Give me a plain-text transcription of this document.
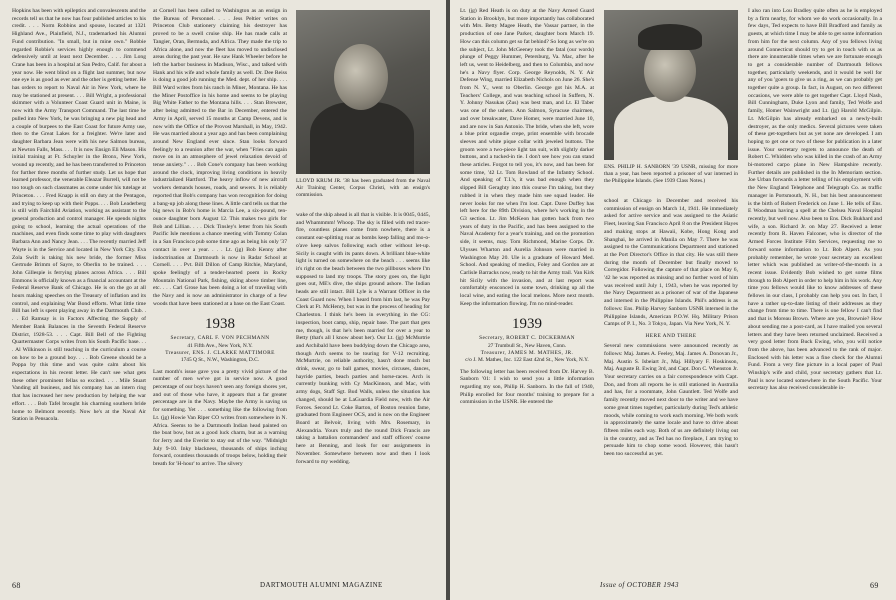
Hopkins has been with epileptics and convalescents and the records tell us that he now has four published articles to his credit. . . . Norm Robbins and spouse, located at 1321 Highland Ave., Plainfield, N.J., trademarked his Alumni Fund contribution. "In small, but in mine own." Robbie regarded Robbie's services highly enough to commend defensively until at least next December. . . . Jim Long Crane has been in a hospital at San Pedro, Calif. for about a year now. He went blind on a flight last summer, but now one eye is as good as ever and the other is getting better. He has orders to report to Naval Air in New York, where he may be stationed at present. . . . Bill Wright, a professional skimmer with a Volunteer Coast Guard unit in Maine, is now with the Army Transport Command. The last time he pulled into New York, he was bringing a new pig head and a couple of burpees to the East Coast for future Army use, then to the Great Lakes for a freighter. We're later and daughter Barbara Jean were with his new Salmon bureau, at Newton Falls, Mass. . . . It is now Ensign Eli Mason. His initial training at Ft. Schuyler in the Bronx, New York, wound up recently, and he has been transferred to Princeton for further three months of further study. Let us hope that learned professor, the venerable Eleazar Burrell, will not be too tough on such classmates as come under his tutelage at Princeton. . . . Fred Knapp is still on duty at the Pentagon, and trying to keep up with their Popps. . . . Bob Leaderberg is still with Fairchild Aviation, working as assistant to the general production and control manager. He spends nights going to school, learning the actual operations of the machines, and even finds some time to play with daughters Barbara Ann and Nancy Jean. . . . The recently married Jeff Wayte is in the Service and located in New York City. Eva Zola Swift is taking his new bride, the former Miss Gertrude Brimm of Sayre, to Oberlin to be trained. . . . John Gillespie is ferrying planes across Africa. . . . Bill Emmons is officially known as a financial accountant at the Federal Reserve Bank of Chicago. He is on the go at all hours making speeches on the Treasury of inflation and its control, and explaining War Bond efforts. What little time Bill has left is spent playing away in the Dartmouth Club. . . . Ed Ramsay is in Factors Affecting the Supply of Member Bank Balances in the Seventh Federal Reserve District, 1928-53. . . . Capt. Bill Bell of the Fighting Quartermaster Corps writes from his South Pacific base. . . . Al Wilkinson is still teaching in the curriculum a course on how to be a ground boy. . . . Bob Greene should be a Poppa by this time and was quite calm about his expectations in his recent letter. He can't see what gets these other prominent fellas so excited. . . . Mile Stuart Vanding all business, and his company has an intern ring that has increased her new production by helping the war effort. . . . Bob Tafel brought his charming southern bride home to Belmont recently. Now he's at the Naval Air Station in Pensacola.

at Cornell has been called to Washington as an ensign in the Bureau of Personnel. . . . Jess Peltier writes on Princeton Club stationery claiming his destroyer has proved to be a swell cruise ship. He has made calls at Tangier, Oran, Bermuda, and Africa. They made the trip to Africa alone, and now the fleet has moved to undisclosed areas during the past year. He saw Hank Wheeler before he left the harbor business in Madison, Wisc., and talked with Hank and his wife and whole family as well. Dr. Dee Reiss is doing a good job running the Med. dept. of her ship. . . . Bill Ward writes from his ranch in Miner, Montana. He has the Miner Postoffice in his home and seems to be playing Big White Father to the Montana hills. . . . Stan Brewster, after being admitted to the Bar in December, entered the Army in April, served 15 months at Camp Devens, and is now with the Office of the Provost Marshall, in May, 1942. He was married about a year ago and has been complaining around New England ever since. Stan looks forward feelingly to a reunion after the war, when "Fries can again move on in an atmosphere of jewel relaxation devoid of tense anxiety." . . . Bob Cone's company has been working around the clock, improving living conditions in heavily industrialized Hartford. The heavy inflow of new aircraft workers demands houses, roads, and sewers. It is reliably reported that Bob's company has won recognition for doing a bang-up job along these lines. A little card tells us that the big news in Bob's home is Marcia Lee, a six-pound, ten-ounce daughter born August 12. This makes two girls for Bob and Lillian. . . . Dick Tinsley's letter from his South Pacific Isle mentions a chance meeting with Tommy Colan in a San Francisco pub some time ago as being his only '37 contact in over a year. . . . Lt. (jg) Bob Kenny after indoctrination at Dartmouth is now in Radar School at Cornell. . . . Pvt. Bill Dillon of Camp Ritchie, Maryland, spoke feelingly of a tender-hearted poem in Rocky Mountain National Park, fishing, skiing above timber line, etc. . . . Carl Grose has been doing a lot of traveling with the Navy and is now an administrator in charge of a few woods that have been stationed at a base on the East Coast.

1938
Secretary, CARL F. VON PECHMANN
41 Fifth Ave., New York, N.Y.
Treasurer, ENS. J. CLARKE MATTIMORE
1745 Q St., N.W., Washington, D.C.

Last month's issue gave you a pretty vivid picture of the number of men we've got in service now. A good percentage of our boys haven't seen any foreign shores yet, and out of those who have, it appears that a far greater percentage are in the Navy. Maybe the Army is saving us for something. Yet . . . something like the following from Lt. (jg) Howie Van Riper CO writes from somewhere in N. Africa. Seems to be a Dartmouth Indian head painted on the boat bow, but as a good luck charm, but as a warning for Jerry and the Everist to stay out of the way. "Midnight July 9-10. Inky blackness, thousands of ships inching forward, countless thousands of troops below, holding their breath for 'H-hour' to arrive. The silvery

LLOYD KRUM JR. '38 has been graduated from the Naval Air Training Center, Corpus Christi, with an ensign's commission.

wake of the ship ahead is all that is visible. It is 0045, 0445, and Whammmm! Whoop. The sky is filled with red tracer-fire, countless planes come from nowhere, there is a constant ear-splitting roar as bombs keep falling and mo-o-o'ave keep salvos following each other without let-up. Sicily is caught with its pants down. A brilliant blue-white light is turned on somewhere on the beach . . . seems like it's right on the beach between the two pillboxes where I'm supposed to land my troops. The story goes on, the light goes out, ME's dive, the ships ground ashore. The Indian heads are still intact. Bill Lyle is a Warrant Officer in the Coast Guard now. When I heard from him last, he was Pay Clerk at Ft. McHenry, but was in the process of heading for Charleston. I think he's been in everything in the CG: inspection, boot camp, ship, repair base. The part that gets me, though, is that he's been married for over a year to Betty (that's all I know about her). Our Lt. (jg) McMurtrie and Archibald have been buddying down the Chicago area, though Arch seems to be touring for V-12 recruiting. McMurtrie, on reliable authority, hasn't done much but drink, swear, go to ball games, movies, circuses, dances, hayride parties, beach parties and horse-races. Arch is currently bunking with Cy MacKinnon, and Mac, with army dogs, Staff Sgt. Bud Walls, unless the situation has changed, should be at LaGuardia Field now, with the Air Forces. Second Lt. Coke Barton, of Boston reunion fame, graduated from Engineer OCS, and is now on the Engineer Board at Belvoir, living with Mrs. Rosemary, in Alexandria. Yours truly and the round Dick Francis are taking a battalion commanders' and staff officers' course here at Benning, and look for our assignments in November. Somewhere between now and then I look forward to my wedding.

68	DARTMOUTH ALUMNI MAGAZINE

Lt. (jg) Red Heath is on duty at the Navy Armed Guard Station in Brooklyn, but more importantly has collaborated with Mrs. Betty Magee Heath, the Vassar partner, in the production of one Jane Parker, daughter born March 19. How can this column get so fat behind? So long as we're on the subject, Lt. John McGeeney took the fatal (our words) plunge of Peggy Hummer, Petersburg, Va. Mac, after he left us, went to Heidelberg, and then to Columbia, and now he's a Navy flyer. Corp. George Reynolds, N. Y. Air Defense Wing, married Elizabeth Nichols on June 26. She's from N. Y., went to Oberlin. George got his M.A. at Teachers' College, and was teaching school in Suffern, N. Y. Johnny Nasukas (Zus) was best man, and Lt. El Taber was one of the ushers. Ann Salmon, Syracuse chairmen, and over breakwater, Dave Homer, were married June 10, and are now in San Antonio. The bride, when she left, wore a blue print organdie crepe, print ensemble with brocade sleeves and white pique collar with jeweled buttons. The groom wore a two-piece light tan suit, with slightly darker buttons, and a tucked-in tie. I don't see how you can stand these articles. Forgot to tell you, it's now, and has been for some time, '42 Lt. Tom Rowland of the Infantry School. And speaking of T.I.'s, it was bad enough when they slipped Bill Geraghty into this course I'm taking, but they rubbed it in when they made him see squad leader. He never looks for me when I'm lost. Capt. Dave Duffey has left here for the 89th Division, where he's working in the G3 section. Lt. Jim McKeon has gotten back from two years of duty in the Pacific, and has been assigned to the Naval Academy for a year's training, and on the promotion side, it seems, may. Tom Richmond, Marine Corps. Dr. Ulysses Wharton and Aurelia Johnson were married in Washington May 20. Ule is a graduate of Howard Med. School. And speaking of medics, Foley and Gordon are at Carlisle Barracks now, ready to hit the Army trail. Van Kirk hit Sicily with the invasion, and at last report was comfortably ensconced in some town, drinking up all the local wine, and eating the local melons. More next month. Keep the information flowing. I'm no mind-reader.

1939
Secretary, ROBERT C. DICKERMAN
27 Trumbull St., New Haven, Conn.
Treasurer, JAMES M. MATHES, JR.
c/o J. M. Mathes, Inc. 122 East 42nd St., New York, N.Y.

The following letter has been received from Dr. Harvey B. Sanborn '01: I wish to send you a little information regarding my son, Philip H. Sanborn. In the fall of 1940, Philip enrolled for four months' training to prepare for a commission in the USNR. He entered the

ENS. PHILIP H. SANBORN '39 USNR, missing for more than a year, has been reported a prisoner of war interned in the Philippine Islands. (See 1939 Class Notes.)

school at Chicago in December and received his commission of ensign on March 14, 1941. He immediately asked for active service and was assigned to the Asiatic Fleet, leaving San Francisco April 8 on the President Hayes and making stops at Hawaii, Kobe, Hong Kong and Shanghai, he arrived in Manila on May 7. There he was assigned to the Communications Department and stationed at the Port Director's Office in that city. He was still there during the month of December but finally moved to Corregidor. Following the capture of that place on May 6, '42 he was reported as missing and no further word of him was received until July 1, 1943, when he was reported by the Navy Department as a prisoner of war of the Japanese and interned in the Philippine Islands. Phil's address is as follows: Ens. Philip Harvey Sanborn USNR interned in the Philippine Islands, American P.O.W. Hq. Military Prison Camps of P. I., No. 3 Tokyo, Japan. Via New York, N. Y.

HERE AND THERE

Several new commissions were announced recently as follows: Maj. James A. Feeley, Maj. James A. Donovan Jr., Maj. Austin S. Isbeiart Jr., Maj. Hillyary F. Hoskinson, Maj. Auguste B. Ewing 3rd, and Capt. Don C. Whenston Jr. Your secretary carries on a fair correspondence with Capt. Don, and from all reports he is still stationed in Australia and has, for a roommate, John Gauntlett. Ted Wolfe and family recently moved next door to the writer and we have some great times together, particularly during Ted's athletic moods, while coming to work each morning. We both work in approximately the same locale and have to drive about fifteen miles each way. Both of us are definitely living out in the country, and as Ted has no fireplace, I am trying to persuade him to chop some wood. However, this hasn't been too successful as yet.

I also ran into Lou Bradley quite often as he is employed by a firm nearby, for whom we do work occasionally. In a few days, Ted expects to have Bill Bradford and family as guests, at which time I may be able to get some information from him for the next column. Any of you fellows living around Connecticut should try to get in touch with us as there are innumerable times when we are fortunate enough to get a considerable number of Dartmouth fellows together, particularly weekends, and it would be well for any of you 'goers to give us a ring, as we can probably get together quite a group. In fact, in August, on two different occasions, we were able to get together Capt. Lloyd Nash, Bill Cunningham, Duke Lyon and family, Ted Wolfe and family, Homer Wainwright and Lt. (jg) Harold McGilpin. Lt. McGilpin has already embarked on a newly-built destroyer, as the only medics. Several pictures were taken of these get-togethers but as yet none are developed. I am hoping to get one or two of these for publication in a later issue. Your secretary regrets to announce the death of Robert C. Whidden who was killed in the crash of an Army bi-motored carpo plane in New Hampshire recently. Further details are published in the In Memoriam section. Joe Urban forwards a letter telling of his employment with the New England Telephone and Telegraph Co. as traffic manager in Portsmouth, N. H., but his best announcement is the birth of Robert Frederick on June 1. He tells of Ens. E Woodman having a spell at the Chelsea Naval Hospital recently, but well now. Also been to Ens. Dick Bukhard and wife, a son. Richard Jr. on May 27. Received a letter recently from R. Haven Falconer, who is director of the Armed Forces Institute Film Services, requesting me to forward some information to Lt. Bob Alpert. As you probably remember, he wrote your secretary an excellent letter which was published as writer-of-the-month in a recent issue. Evidently Bob wished to get some films through to Bob Alpert in order to help him in his work. Any time you fellows would like to know addresses of these fellows in our class, I probably can help you out. In fact, I have a rather up-to-date listing of their addresses as they change from time to time. There is one fellow I can't find and that is Moreau Brown. Where are you, Brownie? How about sending me a post-card, as I have mailed you several letters and they have been returned unclaimed. Received a very good letter from Buck Ewing, who, you will notice from the above, has been advanced to the rank of major. Enclosed with his letter was a fine check for the Alumni Fund. From a very fine picture in a local paper of Paul Winship's wife and child, your secretary gathers that Lt. Paul is now located somewhere in the South Pacific. Your secretary has also received considerable in-

Issue of OCTOBER 1943	69
